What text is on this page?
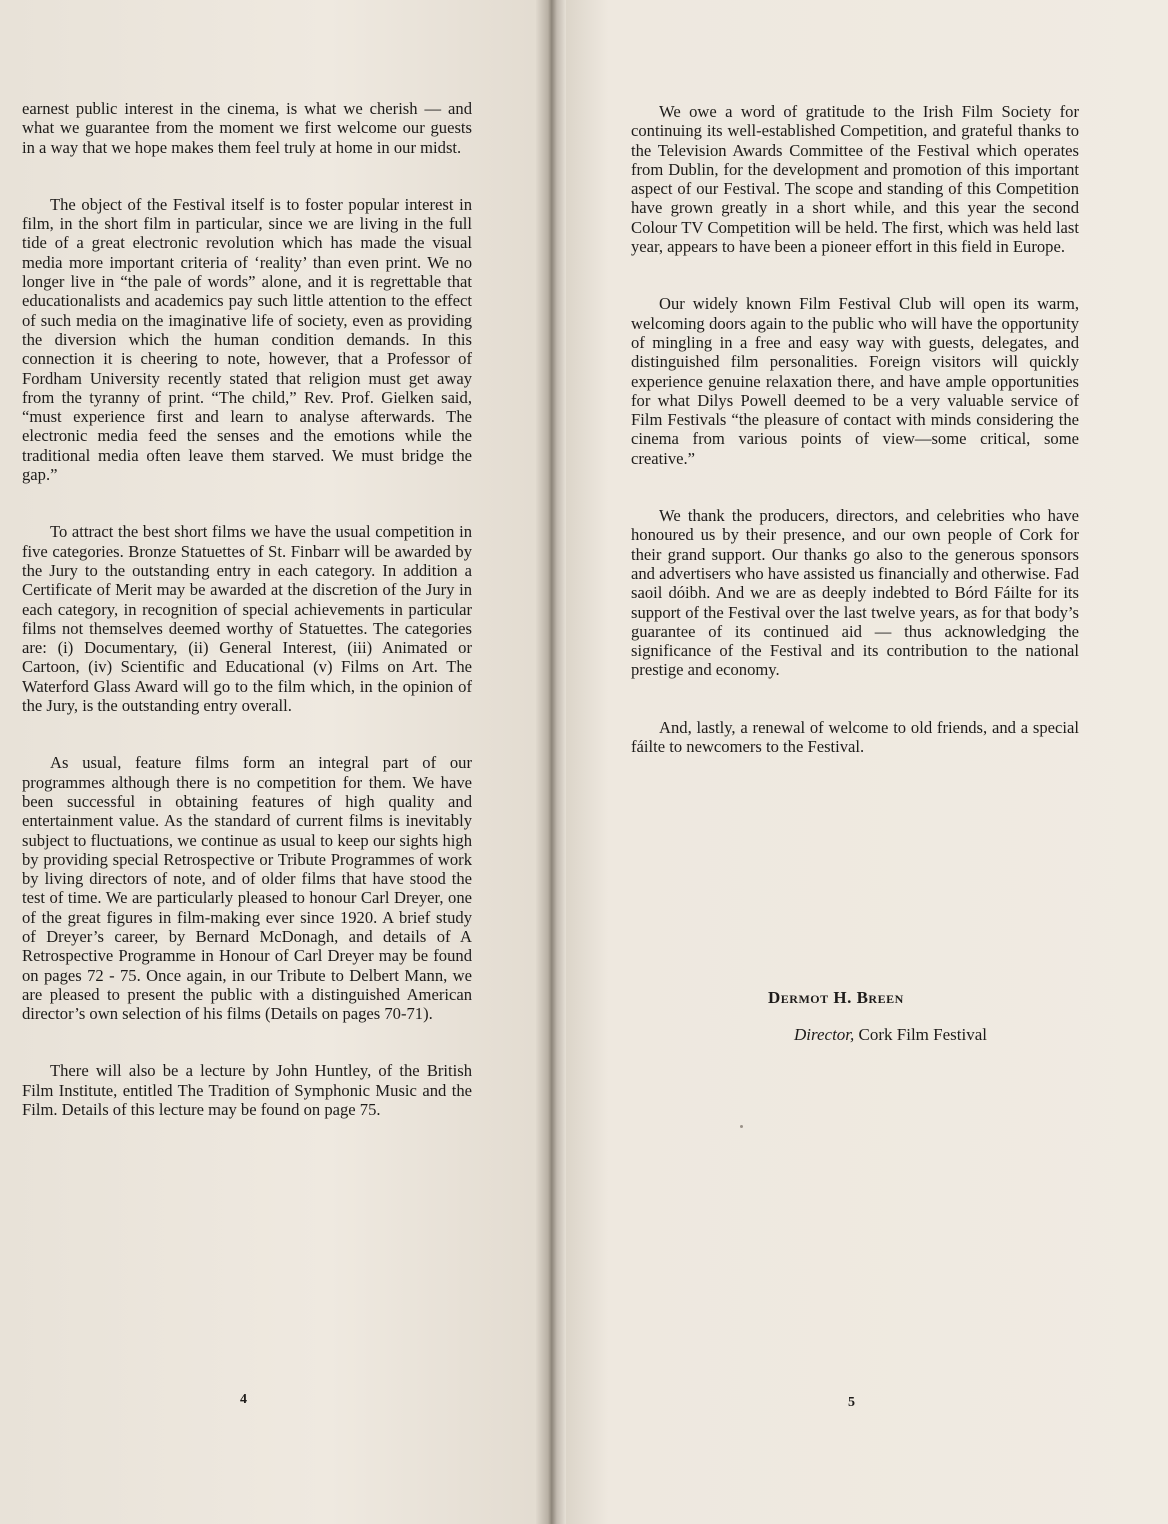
earnest public interest in the cinema, is what we cherish — and what we guarantee from the moment we first welcome our guests in a way that we hope makes them feel truly at home in our midst.

The object of the Festival itself is to foster popular interest in film, in the short film in particular, since we are living in the full tide of a great electronic revolution which has made the visual media more important criteria of ‘reality’ than even print. We no longer live in “the pale of words” alone, and it is regrettable that educationalists and academics pay such little attention to the effect of such media on the imaginative life of society, even as providing the diversion which the human condition demands. In this connection it is cheering to note, however, that a Professor of Fordham University recently stated that religion must get away from the tyranny of print. “The child,” Rev. Prof. Gielken said, “must experience first and learn to analyse afterwards. The electronic media feed the senses and the emotions while the traditional media often leave them starved. We must bridge the gap.”

To attract the best short films we have the usual competition in five categories. Bronze Statuettes of St. Finbarr will be awarded by the Jury to the outstanding entry in each category. In addition a Certificate of Merit may be awarded at the discretion of the Jury in each category, in recognition of special achievements in particular films not themselves deemed worthy of Statuettes. The categories are: (i) Documentary, (ii) General Interest, (iii) Animated or Cartoon, (iv) Scientific and Educational (v) Films on Art. The Waterford Glass Award will go to the film which, in the opinion of the Jury, is the outstanding entry overall.

As usual, feature films form an integral part of our programmes although there is no competition for them. We have been successful in obtaining features of high quality and entertainment value. As the standard of current films is inevitably subject to fluctuations, we continue as usual to keep our sights high by providing special Retrospective or Tribute Programmes of work by living directors of note, and of older films that have stood the test of time. We are particularly pleased to honour Carl Dreyer, one of the great figures in film-making ever since 1920. A brief study of Dreyer’s career, by Bernard McDonagh, and details of A Retrospective Programme in Honour of Carl Dreyer may be found on pages 72 - 75. Once again, in our Tribute to Delbert Mann, we are pleased to present the public with a distinguished American director’s own selection of his films (Details on pages 70-71).

There will also be a lecture by John Huntley, of the British Film Institute, entitled The Tradition of Symphonic Music and the Film. Details of this lecture may be found on page 75.

We owe a word of gratitude to the Irish Film Society for continuing its well-established Competition, and grateful thanks to the Television Awards Committee of the Festival which operates from Dublin, for the development and promotion of this important aspect of our Festival. The scope and standing of this Competition have grown greatly in a short while, and this year the second Colour TV Competition will be held. The first, which was held last year, appears to have been a pioneer effort in this field in Europe.

Our widely known Film Festival Club will open its warm, welcoming doors again to the public who will have the opportunity of mingling in a free and easy way with guests, delegates, and distinguished film personalities. Foreign visitors will quickly experience genuine relaxation there, and have ample opportunities for what Dilys Powell deemed to be a very valuable service of Film Festivals “the pleasure of contact with minds considering the cinema from various points of view—some critical, some creative.”

We thank the producers, directors, and celebrities who have honoured us by their presence, and our own people of Cork for their grand support. Our thanks go also to the generous sponsors and advertisers who have assisted us financially and otherwise. Fad saoil dóibh. And we are as deeply indebted to Bórd Fáilte for its support of the Festival over the last twelve years, as for that body’s guarantee of its continued aid — thus acknowledging the significance of the Festival and its contribution to the national prestige and economy.

And, lastly, a renewal of welcome to old friends, and a special fáilte to newcomers to the Festival.

Dermot H. Breen
Director, Cork Film Festival
4	5
